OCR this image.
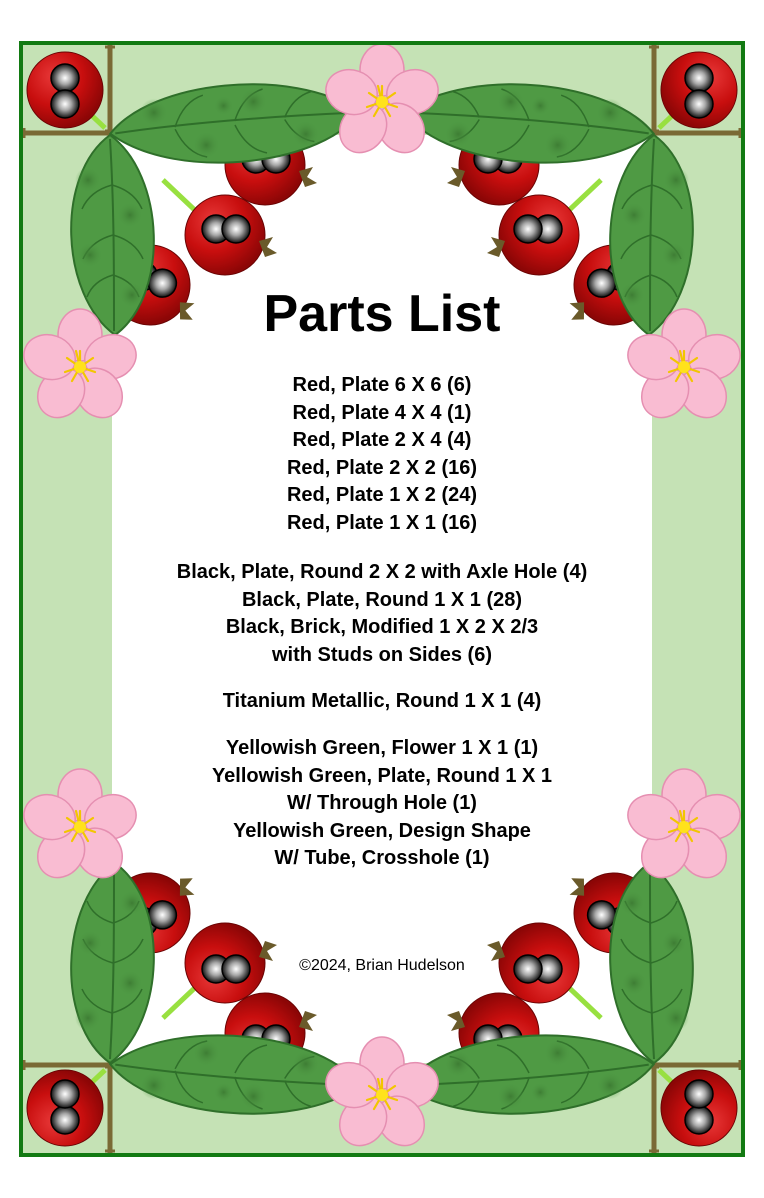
Parts List
Red, Plate 6 X 6 (6)
Red, Plate 4 X 4 (1)
Red, Plate 2 X 4 (4)
Red, Plate 2 X 2 (16)
Red, Plate 1 X 2 (24)
Red, Plate 1 X 1 (16)
Black, Plate, Round 2 X 2 with Axle Hole (4)
Black, Plate, Round 1 X 1 (28)
Black, Brick, Modified 1 X 2 X 2/3
with Studs on Sides (6)
Titanium Metallic, Round 1 X 1 (4)
Yellowish Green, Flower 1 X 1 (1)
Yellowish Green, Plate, Round 1 X 1
W/ Through Hole (1)
Yellowish Green, Design Shape
W/ Tube, Crosshole (1)
©2024, Brian Hudelson
